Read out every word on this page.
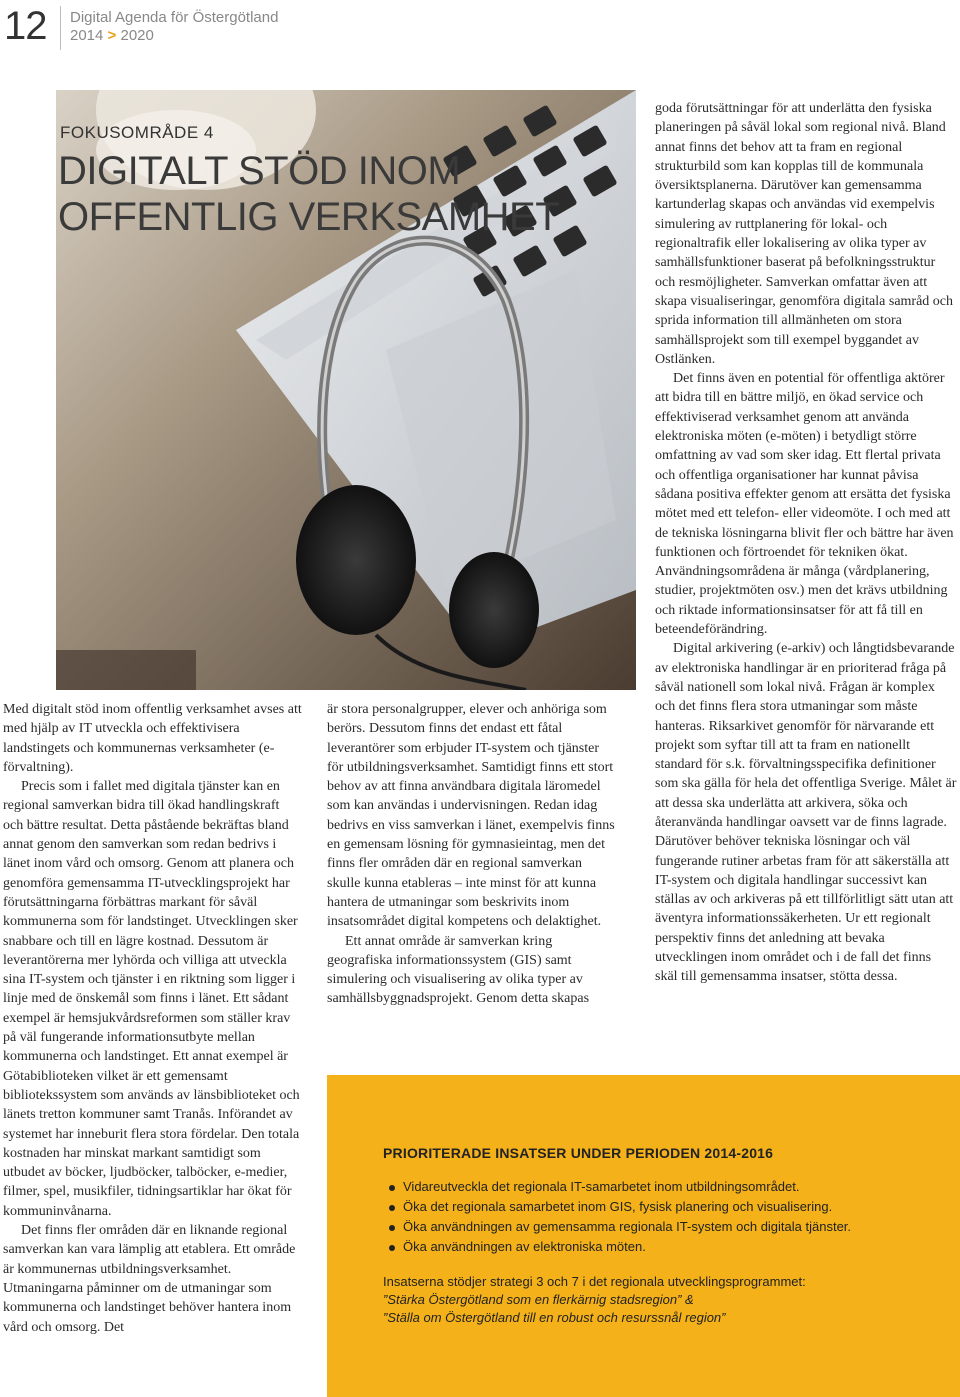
12 Digital Agenda för Östergötland
2014 > 2020
FOKUSOMRÅDE 4
DIGITALT STÖD INOM
OFFENTLIG VERKSAMHET

Med digitalt stöd inom offentlig verksamhet avses att med hjälp av IT utveckla och effektivisera landstingets och kommunernas verksamheter (e-förvaltning).

Precis som i fallet med digitala tjänster kan en regional samverkan bidra till ökad handlingskraft och bättre resultat. Detta påstående bekräftas bland annat genom den samverkan som redan bedrivs i länet inom vård och omsorg. Genom att planera och genomföra gemensamma IT-utvecklingsprojekt har förutsättningarna förbättras markant för såväl kommunerna som för landstinget. Utvecklingen sker snabbare och till en lägre kostnad. Dessutom är leverantörerna mer lyhörda och villiga att utveckla sina IT-system och tjänster i en riktning som ligger i linje med de önskemål som finns i länet. Ett sådant exempel är hemsjukvårdsreformen som ställer krav på väl fungerande informationsutbyte mellan kommunerna och landstinget. Ett annat exempel är Götabiblioteken vilket är ett gemensamt bibliotekssystem som används av länsbiblioteket och länets tretton kommuner samt Tranås. Införandet av systemet har inneburit flera stora fördelar. Den totala kostnaden har minskat markant samtidigt som utbudet av böcker, ljudböcker, talböcker, e-medier, filmer, spel, musikfiler, tidningsartiklar har ökat för kommuninvånarna.

Det finns fler områden där en liknande regional samverkan kan vara lämplig att etablera. Ett område är kommunernas utbildningsverksamhet. Utmaningarna påminner om de utmaningar som kommunerna och landstinget behöver hantera inom vård och omsorg. Det

är stora personalgrupper, elever och anhöriga som berörs. Dessutom finns det endast ett fåtal leverantörer som erbjuder IT-system och tjänster för utbildningsverksamhet. Samtidigt finns ett stort behov av att finna användbara digitala läromedel som kan användas i undervisningen. Redan idag bedrivs en viss samverkan i länet, exempelvis finns en gemensam lösning för gymnasieintag, men det finns fler områden där en regional samverkan skulle kunna etableras – inte minst för att kunna hantera de utmaningar som beskrivits inom insatsområdet digital kompetens och delaktighet.

Ett annat område är samverkan kring geografiska informationssystem (GIS) samt simulering och visualisering av olika typer av samhällsbyggnadsprojekt. Genom detta skapas

goda förutsättningar för att underlätta den fysiska planeringen på såväl lokal som regional nivå. Bland annat finns det behov att ta fram en regional strukturbild som kan kopplas till de kommunala översiktsplanerna. Därutöver kan gemensamma kartunderlag skapas och användas vid exempelvis simulering av ruttplanering för lokal- och regionaltrafik eller lokalisering av olika typer av samhällsfunktioner baserat på befolkningsstruktur och resmöjligheter. Samverkan omfattar även att skapa visualiseringar, genomföra digitala samråd och sprida information till allmänheten om stora samhällsprojekt som till exempel byggandet av Ostlänken.

Det finns även en potential för offentliga aktörer att bidra till en bättre miljö, en ökad service och effektiviserad verksamhet genom att använda elektroniska möten (e-möten) i betydligt större omfattning av vad som sker idag. Ett flertal privata och offentliga organisationer har kunnat påvisa sådana positiva effekter genom att ersätta det fysiska mötet med ett telefon- eller videomöte. I och med att de tekniska lösningarna blivit fler och bättre har även funktionen och förtroendet för tekniken ökat. Användningsområdena är många (vårdplanering, studier, projektmöten osv.) men det krävs utbildning och riktade informationsinsatser för att få till en beteendeförändring.

Digital arkivering (e-arkiv) och långtidsbevarande av elektroniska handlingar är en prioriterad fråga på såväl nationell som lokal nivå. Frågan är komplex och det finns flera stora utmaningar som måste hanteras. Riksarkivet genomför för närvarande ett projekt som syftar till att ta fram en nationellt standard för s.k. förvaltningsspecifika definitioner som ska gälla för hela det offentliga Sverige. Målet är att dessa ska underlätta att arkivera, söka och återanvända handlingar oavsett var de finns lagrade. Därutöver behöver tekniska lösningar och väl fungerande rutiner arbetas fram för att säkerställa att IT-system och digitala handlingar successivt kan ställas av och arkiveras på ett tillförlitligt sätt utan att äventyra informationssäkerheten. Ur ett regionalt perspektiv finns det anledning att bevaka utvecklingen inom området och i de fall det finns skäl till gemensamma insatser, stötta dessa.

PRIORITERADE INSATSER UNDER PERIODEN 2014-2016
Vidareutveckla det regionala IT-samarbetet inom utbildningsområdet.
Öka det regionala samarbetet inom GIS, fysisk planering och visualisering.
Öka användningen av gemensamma regionala IT-system och digitala tjänster.
Öka användningen av elektroniska möten.
Insatserna stödjer strategi 3 och 7 i det regionala utvecklingsprogrammet:
”Stärka Östergötland som en flerkärnig stadsregion” &
”Ställa om Östergötland till en robust och resurssnål region”
